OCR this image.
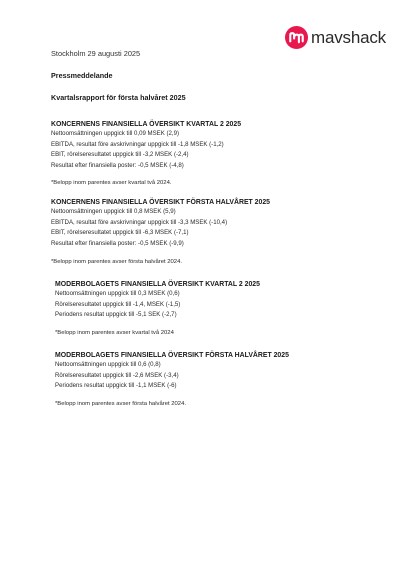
mavshack
Stockholm 29 augusti 2025
Pressmeddelande
Kvartalsrapport för första halvåret 2025

KONCERNENS FINANSIELLA ÖVERSIKT KVARTAL 2 2025

Nettoomsättningen uppgick till 0,09 MSEK (2,9)
EBITDA, resultat före avskrivningar uppgick till -1,8 MSEK (-1,2)
EBIT, rörelseresultatet uppgick till -3,2 MSEK (-2,4)
Resultat efter finansiella poster: -0,5 MSEK (-4,8)
*Belopp inom parentes avser kvartal två 2024.

KONCERNENS FINANSIELLA ÖVERSIKT FÖRSTA HALVÅRET 2025

Nettoomsättningen uppgick till 0,8 MSEK (5,9)
EBITDA, resultat före avskrivningar uppgick till -3,3 MSEK (-10,4)
EBIT, rörelseresultatet uppgick till -6,3 MSEK (-7,1)
Resultat efter finansiella poster: -0,5 MSEK (-9,9)
*Belopp inom parentes avser första halvåret 2024.

MODERBOLAGETS FINANSIELLA ÖVERSIKT KVARTAL 2 2025

Nettoomsättningen uppgick till 0,3 MSEK (0,6)
Rörelseresultatet uppgick till -1,4, MSEK (-1,5)
Periodens resultat uppgick till -5,1 SEK (-2,7)
*Belopp inom parentes avser kvartal två 2024

MODERBOLAGETS FINANSIELLA ÖVERSIKT FÖRSTA HALVÅRET 2025

Nettoomsättningen uppgick till 0,6 (0,8)
Rörelseresultatet uppgick till -2,6 MSEK (-3,4)
Periodens resultat uppgick till -1,1 MSEK (-6)
*Belopp inom parentes avser första halvåret 2024.
